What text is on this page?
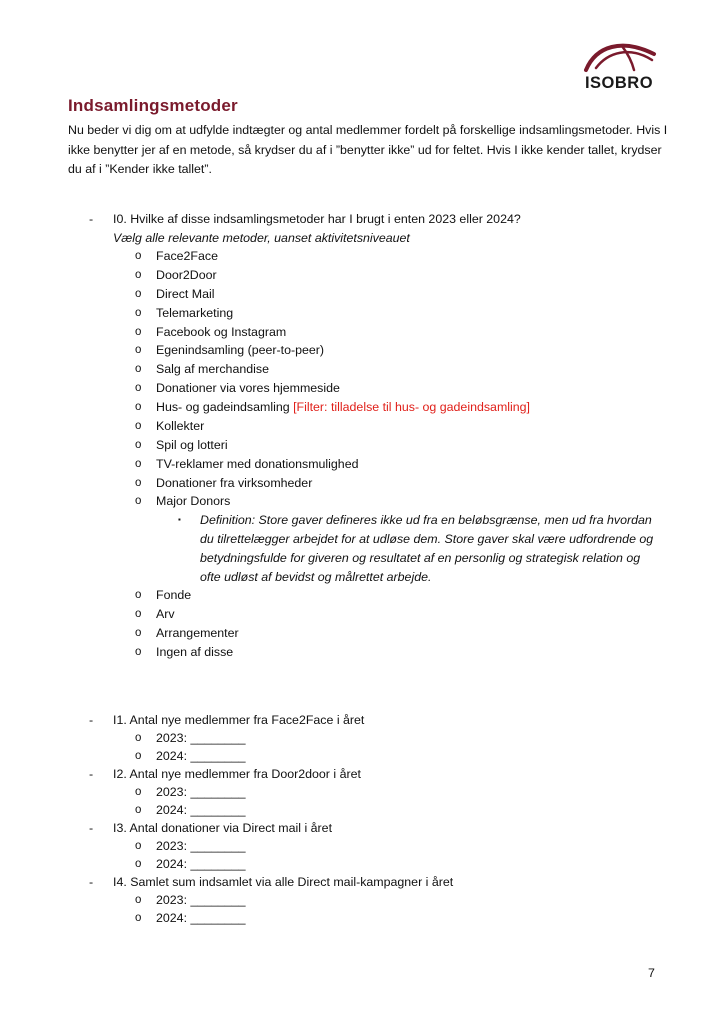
ISOBRO
Indsamlingsmetoder

Nu beder vi dig om at udfylde indtægter og antal medlemmer fordelt på forskellige indsamlingsmetoder. Hvis I ikke benytter jer af en metode, så krydser du af i ”benytter ikke” ud for feltet. Hvis I ikke kender tallet, krydser du af i ”Kender ikke tallet”.

- I0. Hvilke af disse indsamlingsmetoder har I brugt i enten 2023 eller 2024?
Vælg alle relevante metoder, uanset aktivitetsniveauet
o Face2Face
o Door2Door
o Direct Mail
o Telemarketing
o Facebook og Instagram
o Egenindsamling (peer-to-peer)
o Salg af merchandise
o Donationer via vores hjemmeside
o Hus- og gadeindsamling [Filter: tilladelse til hus- og gadeindsamling]
o Kollekter
o Spil og lotteri
o TV-reklamer med donationsmulighed
o Donationer fra virksomheder
o Major Donors
▪ Definition: Store gaver defineres ikke ud fra en beløbsgrænse, men ud fra hvordan
du tilrettelægger arbejdet for at udløse dem. Store gaver skal være udfordrende og
betydningsfulde for giveren og resultatet af en personlig og strategisk relation og
ofte udløst af bevidst og målrettet arbejde.
o Fonde
o Arv
o Arrangementer
o Ingen af disse
- I1. Antal nye medlemmer fra Face2Face i året
o 2023: ________
o 2024: ________
- I2. Antal nye medlemmer fra Door2door i året
o 2023: ________
o 2024: ________
- I3. Antal donationer via Direct mail i året
o 2023: ________
o 2024: ________
- I4. Samlet sum indsamlet via alle Direct mail-kampagner i året
o 2023: ________
o 2024: ________
7
